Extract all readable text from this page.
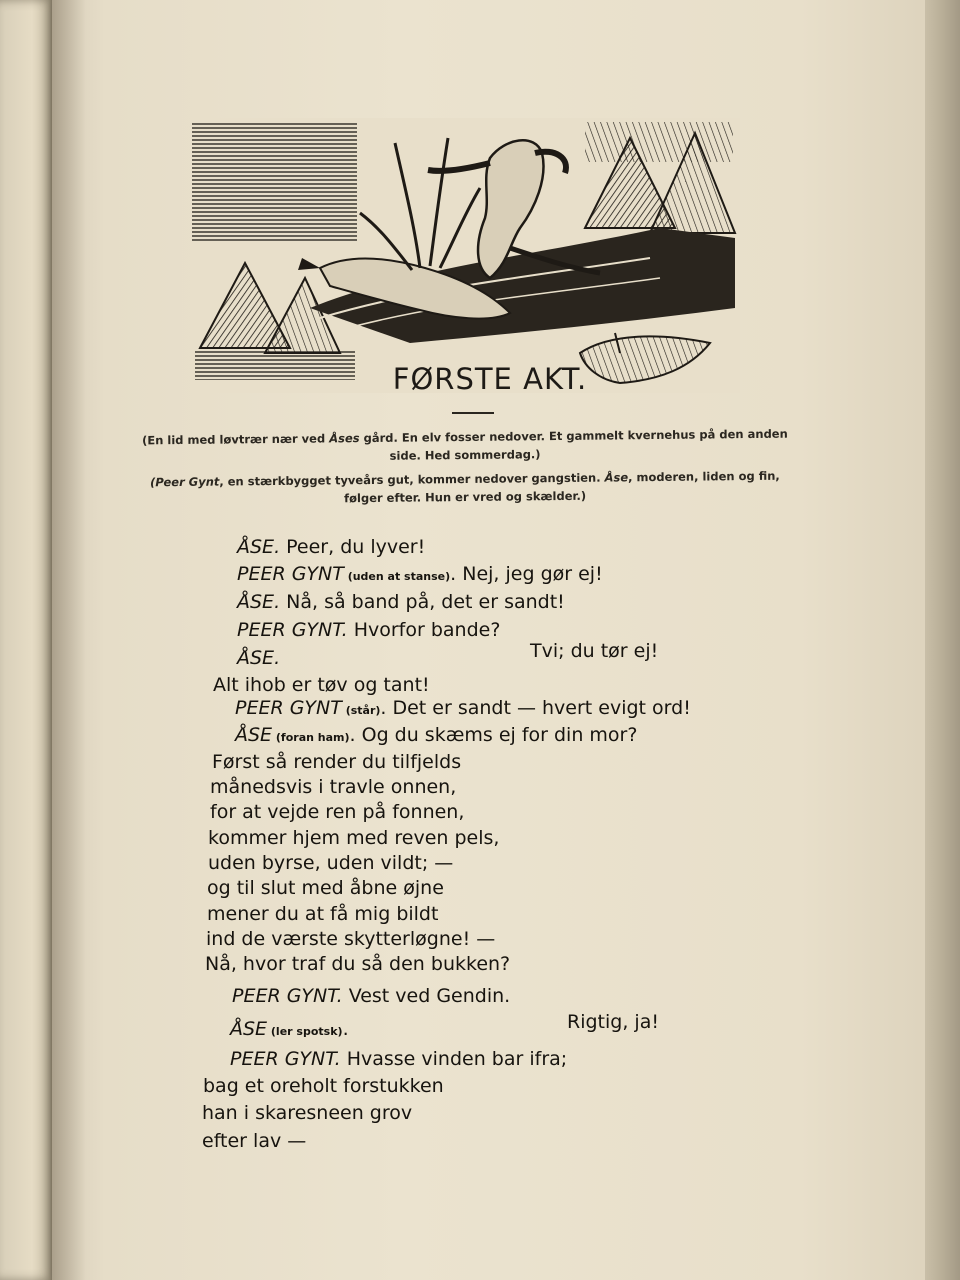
FØRSTE AKT.
(En lid med løvtrær nær ved Åses gård. En elv fosser nedover. Et gammelt kvernehus på den anden side. Hed sommerdag.)
(Peer Gynt, en stærkbygget tyveårs gut, kommer nedover gangstien. Åse, moderen, liden og fin, følger efter. Hun er vred og skælder.)
ÅSE. Peer, du lyver!
PEER GYNT (uden at stanse). Nej, jeg gør ej!
ÅSE. Nå, så band på, det er sandt!
PEER GYNT. Hvorfor bande?
ÅSE.	Tvi; du tør ej!
Alt ihob er tøv og tant!
PEER GYNT (står). Det er sandt — hvert evigt ord!
ÅSE (foran ham). Og du skæms ej for din mor?
Først så render du tilfjelds
månedsvis i travle onnen,
for at vejde ren på fonnen,
kommer hjem med reven pels,
uden byrse, uden vildt; —
og til slut med åbne øjne
mener du at få mig bildt
ind de værste skytterløgne! —
Nå, hvor traf du så den bukken?
PEER GYNT. Vest ved Gendin.
ÅSE (ler spotsk).	Rigtig, ja!
PEER GYNT. Hvasse vinden bar ifra;
bag et oreholt forstukken
han i skaresneen grov
efter lav —
